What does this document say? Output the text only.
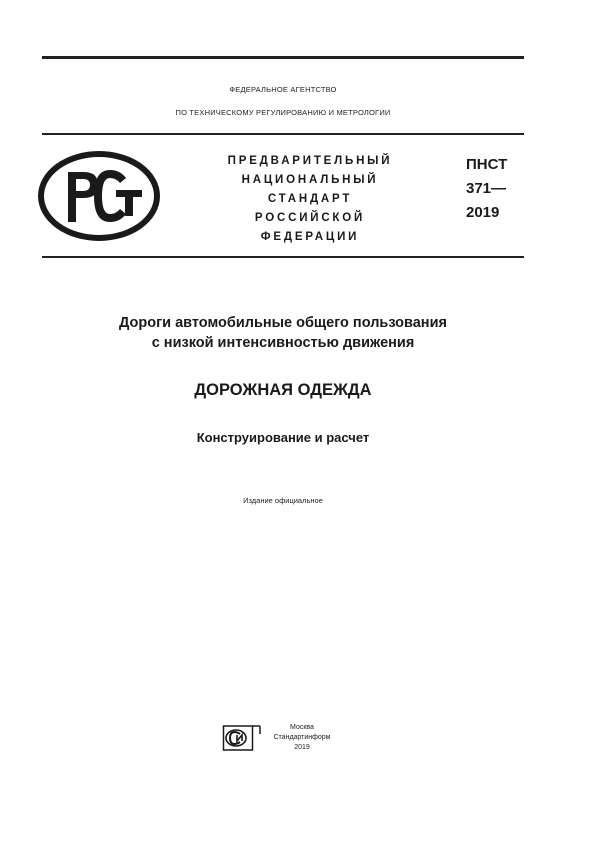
ФЕДЕРАЛЬНОЕ АГЕНТСТВО
ПО ТЕХНИЧЕСКОМУ РЕГУЛИРОВАНИЮ И МЕТРОЛОГИИ
ПРЕДВАРИТЕЛЬНЫЙ
НАЦИОНАЛЬНЫЙ
СТАНДАРТ
РОССИЙСКОЙ
ФЕДЕРАЦИИ
ПНСТ
371—
2019
Дороги автомобильные общего пользования
с низкой интенсивностью движения
ДОРОЖНАЯ ОДЕЖДА
Конструирование и расчет
Издание официальное
Москва
Стандартинформ
2019
